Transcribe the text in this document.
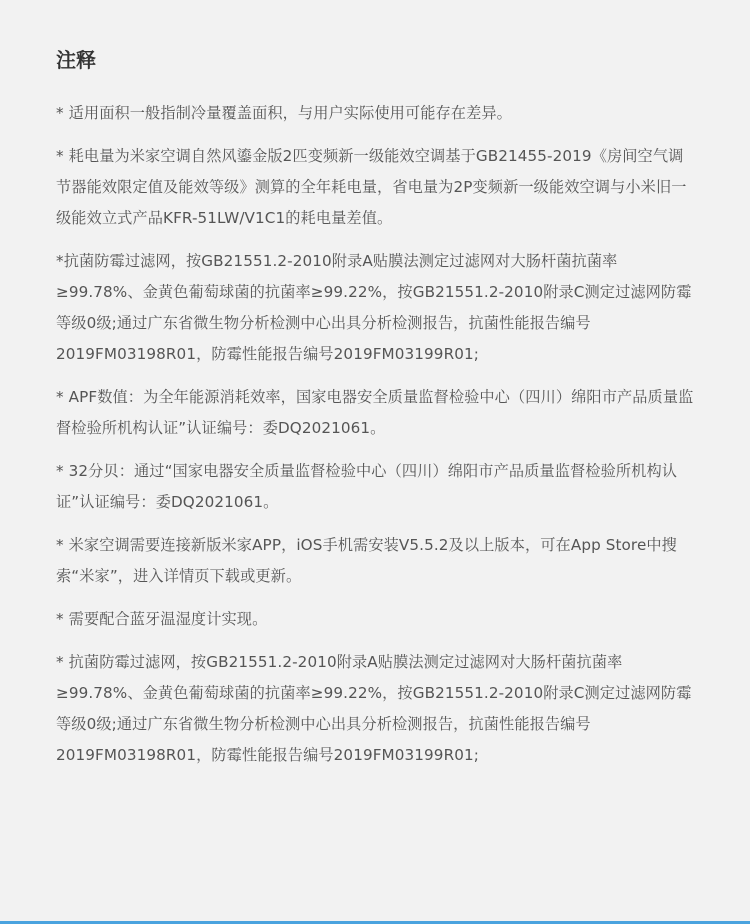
注释

* 适用面积一般指制冷量覆盖面积，与用户实际使用可能存在差异。

* 耗电量为米家空调自然风鎏金版2匹变频新一级能效空调基于GB21455-2019《房间空气调节器能效限定值及能效等级》测算的全年耗电量，省电量为2P变频新一级能效空调与小米旧一级能效立式产品KFR-51LW/V1C1的耗电量差值。

*抗菌防霉过滤网，按GB21551.2-2010附录A贴膜法测定过滤网对大肠杆菌抗菌率≥99.78%、金黄色葡萄球菌的抗菌率≥99.22%，按GB21551.2-2010附录C测定过滤网防霉等级0级;通过广东省微生物分析检测中心出具分析检测报告，抗菌性能报告编号2019FM03198R01，防霉性能报告编号2019FM03199R01;

* APF数值：为全年能源消耗效率，国家电器安全质量监督检验中心（四川）绵阳市产品质量监督检验所机构认证”认证编号：委DQ2021061。

* 32分贝：通过“国家电器安全质量监督检验中心（四川）绵阳市产品质量监督检验所机构认证”认证编号：委DQ2021061。

* 米家空调需要连接新版米家APP，iOS手机需安装V5.5.2及以上版本，可在App Store中搜索“米家”，进入详情页下载或更新。

* 需要配合蓝牙温湿度计实现。

* 抗菌防霉过滤网，按GB21551.2-2010附录A贴膜法测定过滤网对大肠杆菌抗菌率≥99.78%、金黄色葡萄球菌的抗菌率≥99.22%，按GB21551.2-2010附录C测定过滤网防霉等级0级;通过广东省微生物分析检测中心出具分析检测报告，抗菌性能报告编号2019FM03198R01，防霉性能报告编号2019FM03199R01;
